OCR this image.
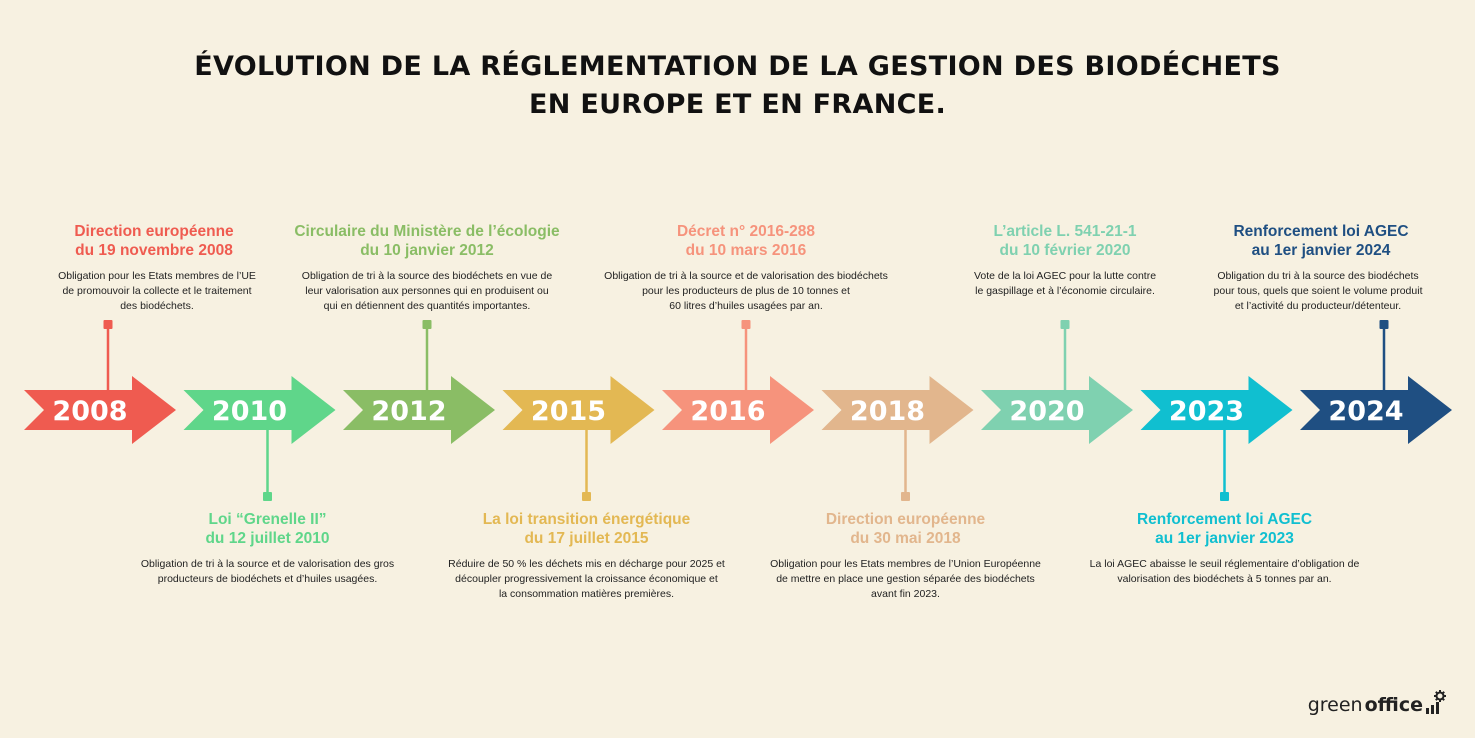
ÉVOLUTION DE LA RÉGLEMENTATION DE LA GESTION DES BIODÉCHETS
EN EUROPE ET EN FRANCE.
2008	2010	2012	2015	2016	2018	2020	2023	2024
Direction européenne
du 19 novembre 2008
Obligation pour les Etats membres de l’UE
de promouvoir la collecte et le traitement
des biodéchets.
Loi “Grenelle II”
du 12 juillet 2010
Obligation de tri à la source et de valorisation des gros
producteurs de biodéchets et d’huiles usagées.
Circulaire du Ministère de l’écologie
du 10 janvier 2012
Obligation de tri à la source des biodéchets en vue de
leur valorisation aux personnes qui en produisent ou
qui en détiennent des quantités importantes.
La loi transition énergétique
du 17 juillet 2015
Réduire de 50 % les déchets mis en décharge pour 2025 et
découpler progressivement la croissance économique et
la consommation matières premières.
Décret n° 2016-288
du 10 mars 2016
Obligation de tri à la source et de valorisation des biodéchets
pour les producteurs de plus de 10 tonnes et
60 litres d’huiles usagées par an.
Direction européenne
du 30 mai 2018
Obligation pour les Etats membres de l’Union Européenne
de mettre en place une gestion séparée des biodéchets
avant fin 2023.
L’article L. 541-21-1
du 10 février 2020
Vote de la loi AGEC pour la lutte contre
le gaspillage et à l’économie circulaire.
Renforcement loi AGEC
au 1er janvier 2023
La loi AGEC abaisse le seuil réglementaire d’obligation de
valorisation des biodéchets à 5 tonnes par an.
Renforcement loi AGEC
au 1er janvier 2024
Obligation du tri à la source des biodéchets
pour tous, quels que soient le volume produit
et l’activité du producteur/détenteur.
green office
